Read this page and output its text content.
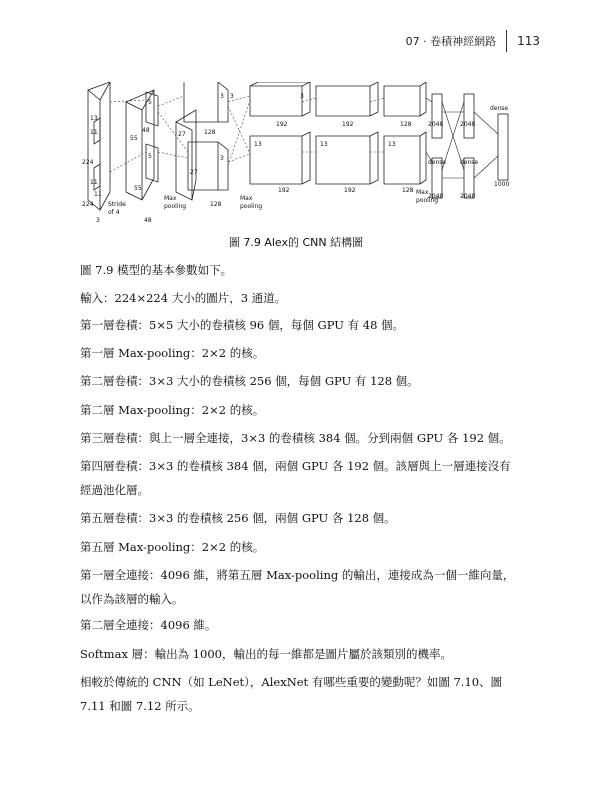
07 · 卷積神經網路 113
13
11
224
11
11
224 Stride
of 4
3
55
55
5
5
48
48
27	128
3
27
3
128
Max
pooling
3
192
13
192
3
192
13
192
128
13
128
Max
pooling
Max
pooling
dense dense
dense
2048	2048
2048	2048
1000
圖 7.9 Alex的 CNN 結構圖

圖 7.9 模型的基本參數如下。

輸入：224×224 大小的圖片，3 通道。

第一層卷積：5×5 大小的卷積核 96 個，每個 GPU 有 48 個。

第一層 Max-pooling：2×2 的核。

第二層卷積：3×3 大小的卷積核 256 個，每個 GPU 有 128 個。

第二層 Max-pooling：2×2 的核。

第三層卷積：與上一層全連接，3×3 的卷積核 384 個。分到兩個 GPU 各 192 個。

第四層卷積：3×3 的卷積核 384 個，兩個 GPU 各 192 個。該層與上一層連接沒有經過池化層。

第五層卷積：3×3 的卷積核 256 個，兩個 GPU 各 128 個。

第五層 Max-pooling：2×2 的核。

第一層全連接：4096 維，將第五層 Max-pooling 的輸出，連接成為一個一維向量，以作為該層的輸入。

第二層全連接：4096 維。

Softmax 層：輸出為 1000，輸出的每一維都是圖片屬於該類別的機率。

相較於傳統的 CNN（如 LeNet），AlexNet 有哪些重要的變動呢？如圖 7.10、圖 7.11 和圖 7.12 所示。
